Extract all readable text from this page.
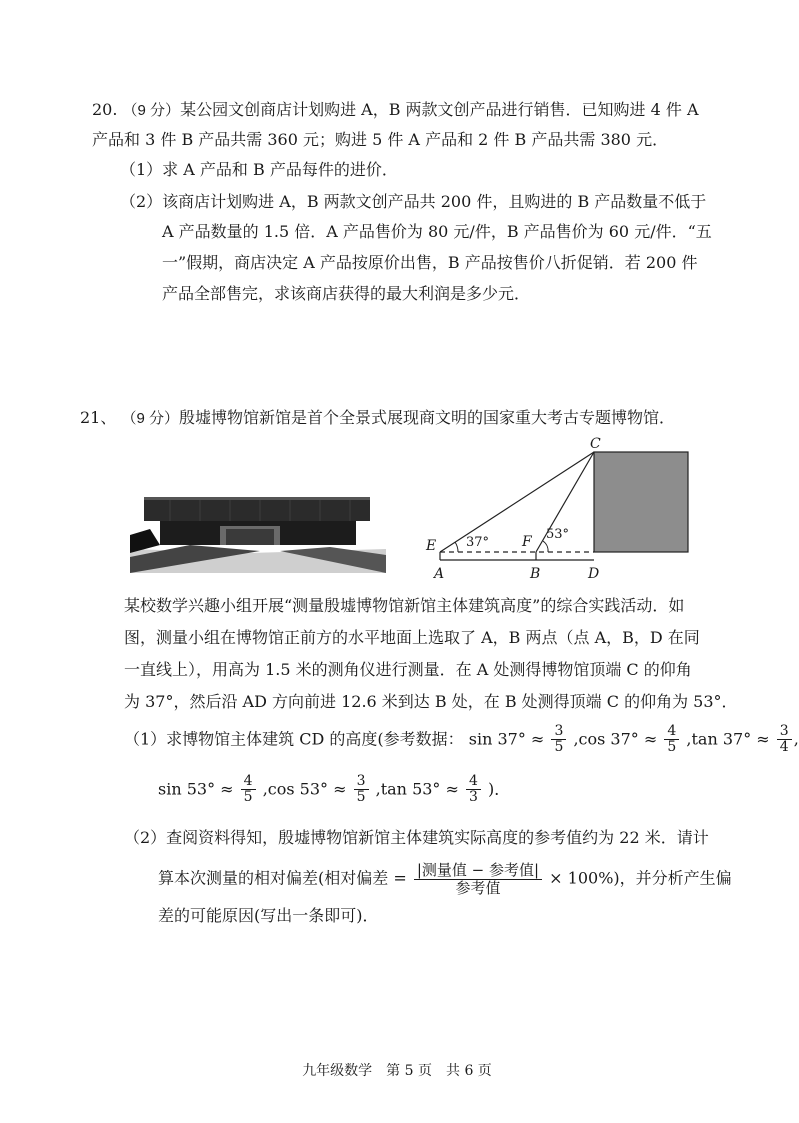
20. （9 分）某公园文创商店计划购进 A，B 两款文创产品进行销售．已知购进 4 件 A
产品和 3 件 B 产品共需 360 元；购进 5 件 A 产品和 2 件 B 产品共需 380 元．
（1）求 A 产品和 B 产品每件的进价．
（2）该商店计划购进 A，B 两款文创产品共 200 件，且购进的 B 产品数量不低于
A 产品数量的 1.5 倍．A 产品售价为 80 元/件，B 产品售价为 60 元/件．“五
一”假期，商店决定 A 产品按原价出售，B 产品按售价八折促销．若 200 件
产品全部售完，求该商店获得的最大利润是多少元．
21、 （9 分）殷墟博物馆新馆是首个全景式展现商文明的国家重大考古专题博物馆．
C
E	F
A	B	D
37°
53°
某校数学兴趣小组开展“测量殷墟博物馆新馆主体建筑高度”的综合实践活动．如
图，测量小组在博物馆正前方的水平地面上选取了 A，B 两点（点 A，B，D 在同
一直线上），用高为 1.5 米的测角仪进行测量．在 A 处测得博物馆顶端 C 的仰角
为 37°，然后沿 AD 方向前进 12.6 米到达 B 处，在 B 处测得顶端 C 的仰角为 53°．
（1）求博物馆主体建筑 CD 的高度(参考数据： $\sin 37^\circ \approx \frac{3}{5} ,\cos$ $37^\circ \approx \frac{4}{5} ,\tan$ $37^\circ \approx \frac{3}{4}$ ,
$\sin 53^\circ \approx \frac{4}{5} ,\cos$ $53^\circ \approx \frac{3}{5} ,\tan$ $53^\circ \approx \frac{4}{3}$ )．
（2）查阅资料得知，殷墟博物馆新馆主体建筑实际高度的参考值约为 22 米．请计
算本次测量的相对偏差(相对偏差 = $\frac{\text{|测量值 − 参考值|}}{\text{参考值}} \times 100\%$)，并分析产生偏
差的可能原因(写出一条即可)．
九年级数学　第 5 页　共 6 页
